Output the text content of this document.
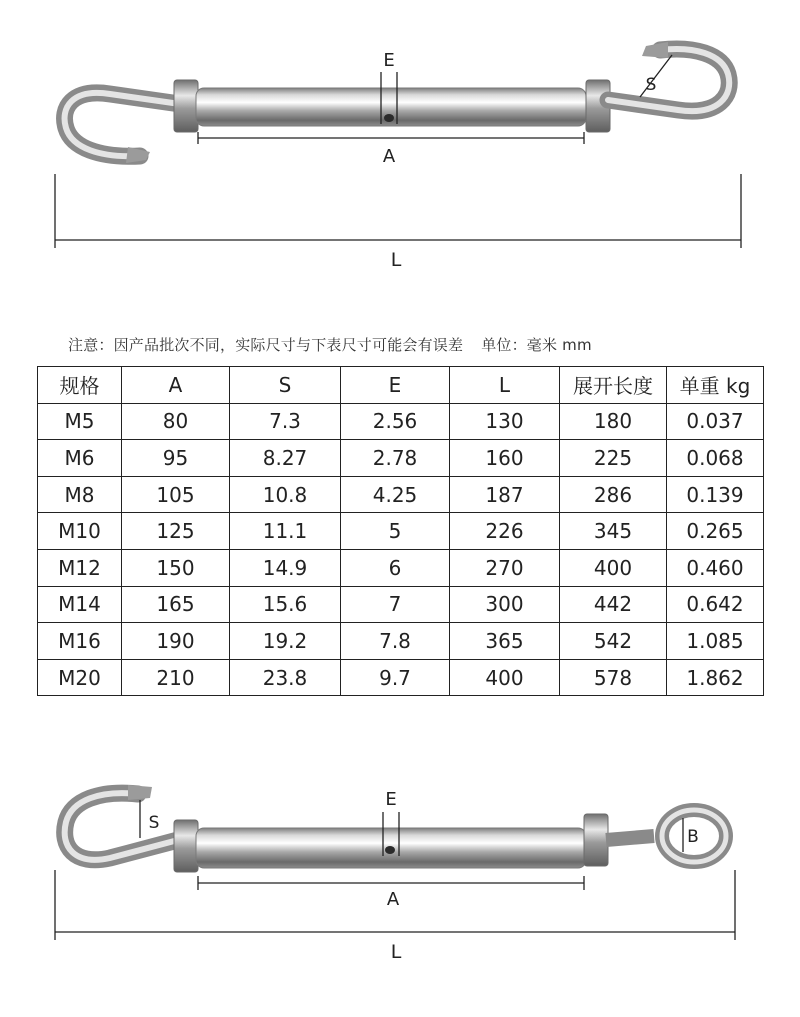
E
A
S
L
注意：因产品批次不同，实际尺寸与下表尺寸可能会有误差 单位：毫米 mm
规格	A	S	E	L	展开长度	单重 kg
M5	80	7.3	2.56	130	180	0.037
M6	95	8.27	2.78	160	225	0.068
M8	105	10.8	4.25	187	286	0.139
M10	125	11.1	5	226	345	0.265
M12	150	14.9	6	270	400	0.460
M14	165	15.6	7	300	442	0.642
M16	190	19.2	7.8	365	542	1.085
M20	210	23.8	9.7	400	578	1.862
S
E
B
A
L
